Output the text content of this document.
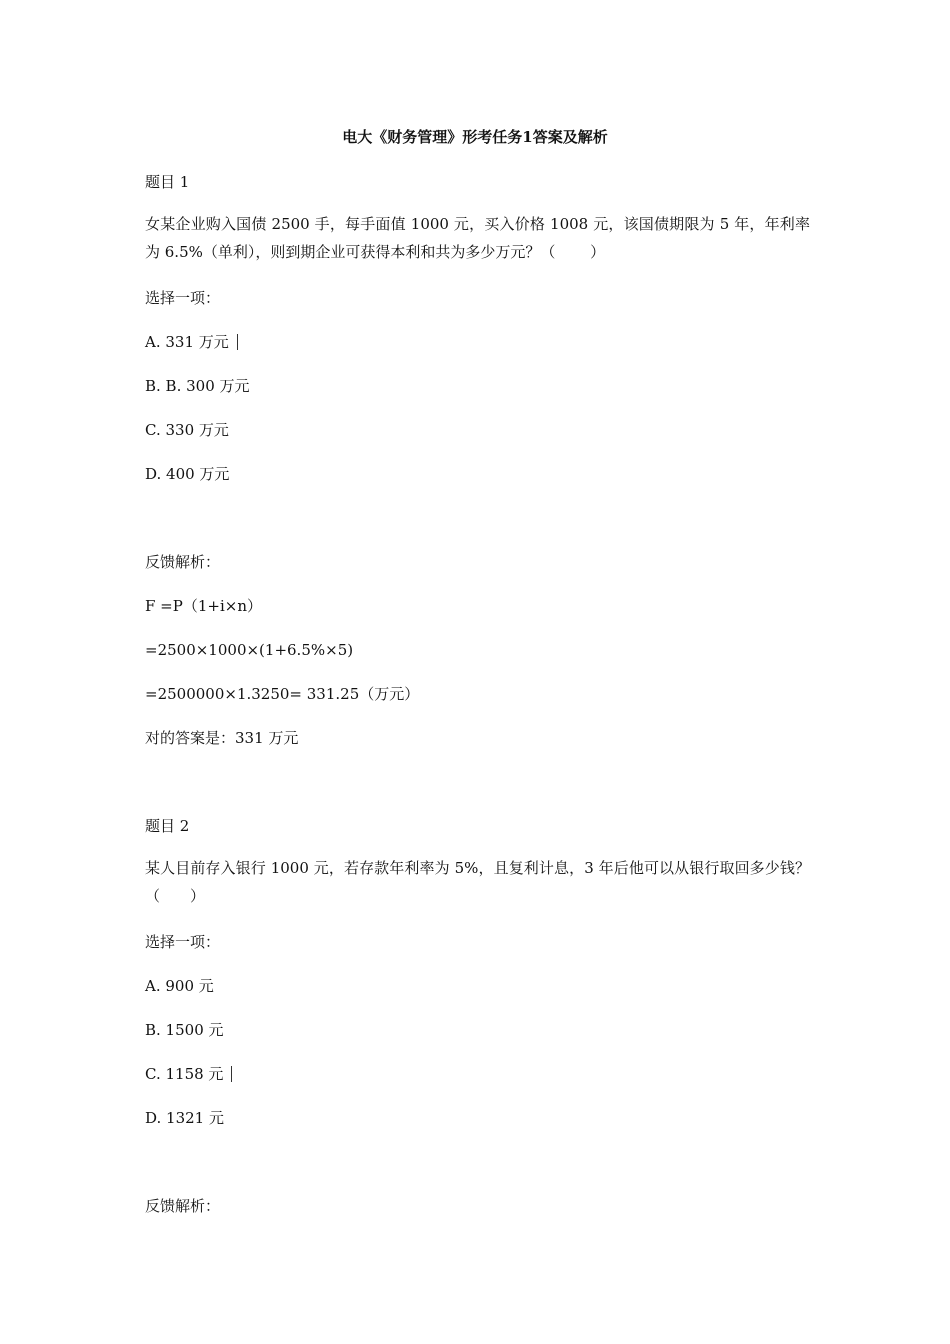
电大《财务管理》形考任务1答案及解析
题目 1
女某企业购入国债 2500 手，每手面值 1000 元，买入价格 1008 元，该国债期限为 5 年，年利率为 6.5%（单利），则到期企业可获得本利和共为多少万元？（　　 ）
选择一项：
A. 331 万元
B. B. 300 万元
C. 330 万元
D. 400 万元
反馈解析：
F =P（1+i×n）
=2500×1000×(1+6.5%×5)
=2500000×1.3250= 331.25（万元）
对的答案是：331 万元
题目 2
某人目前存入银行 1000 元，若存款年利率为 5%，且复利计息，3 年后他可以从银行取回多少钱？（　　）
选择一项：
A. 900 元
B. 1500 元
C. 1158 元
D. 1321 元
反馈解析：
